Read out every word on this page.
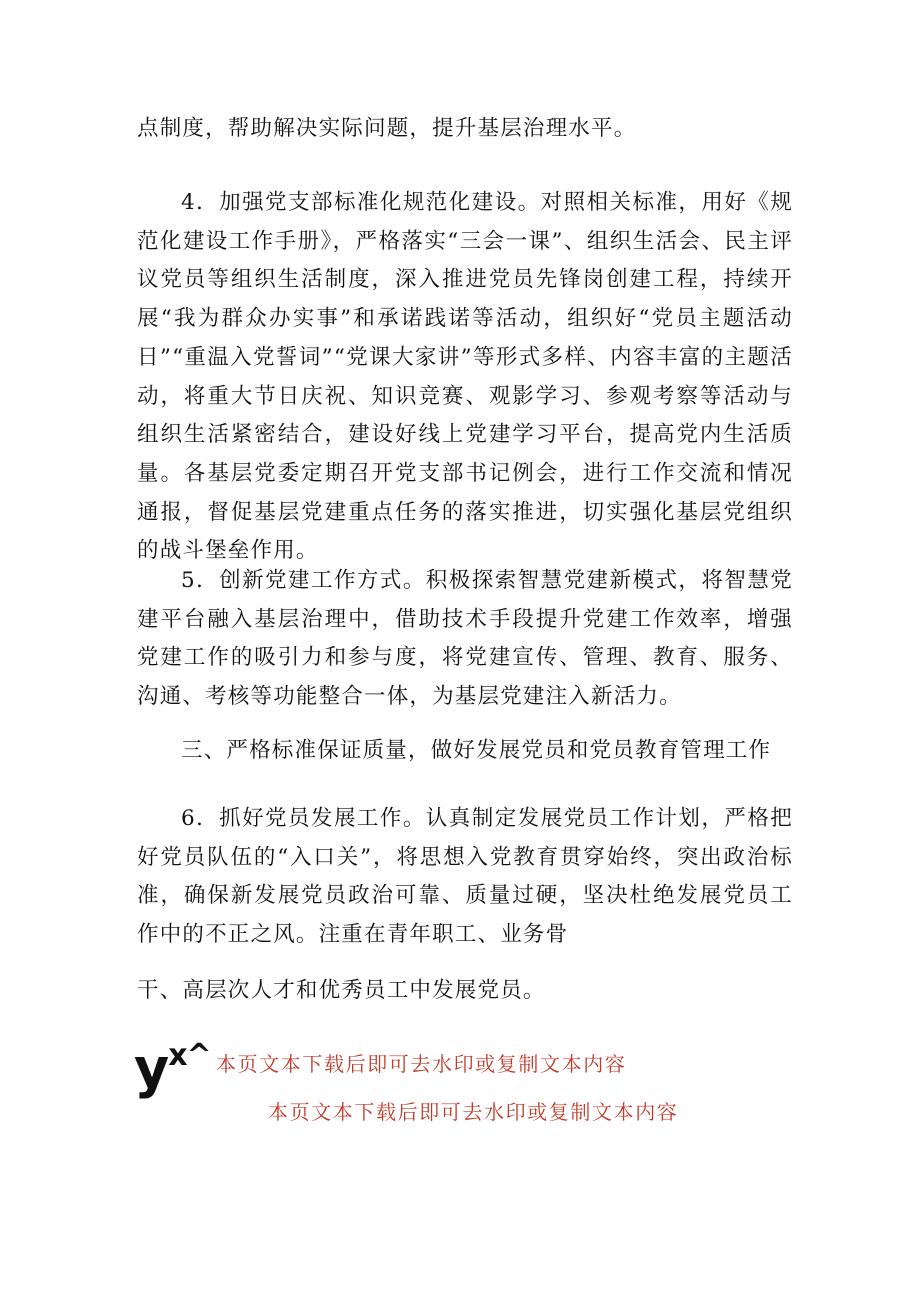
点制度，帮助解决实际问题，提升基层治理水平。

4．加强党支部标准化规范化建设。对照相关标准，用好《规范化建设工作手册》，严格落实“三会一课”、组织生活会、民主评议党员等组织生活制度，深入推进党员先锋岗创建工程，持续开展“我为群众办实事”和承诺践诺等活动，组织好“党员主题活动日”“重温入党誓词”“党课大家讲”等形式多样、内容丰富的主题活动，将重大节日庆祝、知识竞赛、观影学习、参观考察等活动与组织生活紧密结合，建设好线上党建学习平台，提高党内生活质量。各基层党委定期召开党支部书记例会，进行工作交流和情况通报，督促基层党建重点任务的落实推进，切实强化基层党组织的战斗堡垒作用。

5．创新党建工作方式。积极探索智慧党建新模式，将智慧党建平台融入基层治理中，借助技术手段提升党建工作效率，增强党建工作的吸引力和参与度，将党建宣传、管理、教育、服务、沟通、考核等功能整合一体，为基层党建注入新活力。

三、严格标准保证质量，做好发展党员和党员教育管理工作

6．抓好党员发展工作。认真制定发展党员工作计划，严格把好党员队伍的“入口关”，将思想入党教育贯穿始终，突出政治标准，确保新发展党员政治可靠、质量过硬，坚决杜绝发展党员工作中的不正之风。注重在青年职工、业务骨

干、高层次人才和优秀员工中发展党员。

$y^{x\^{}}$ 本页文本下载后即可去水印或复制文本内容

本页文本下载后即可去水印或复制文本内容
